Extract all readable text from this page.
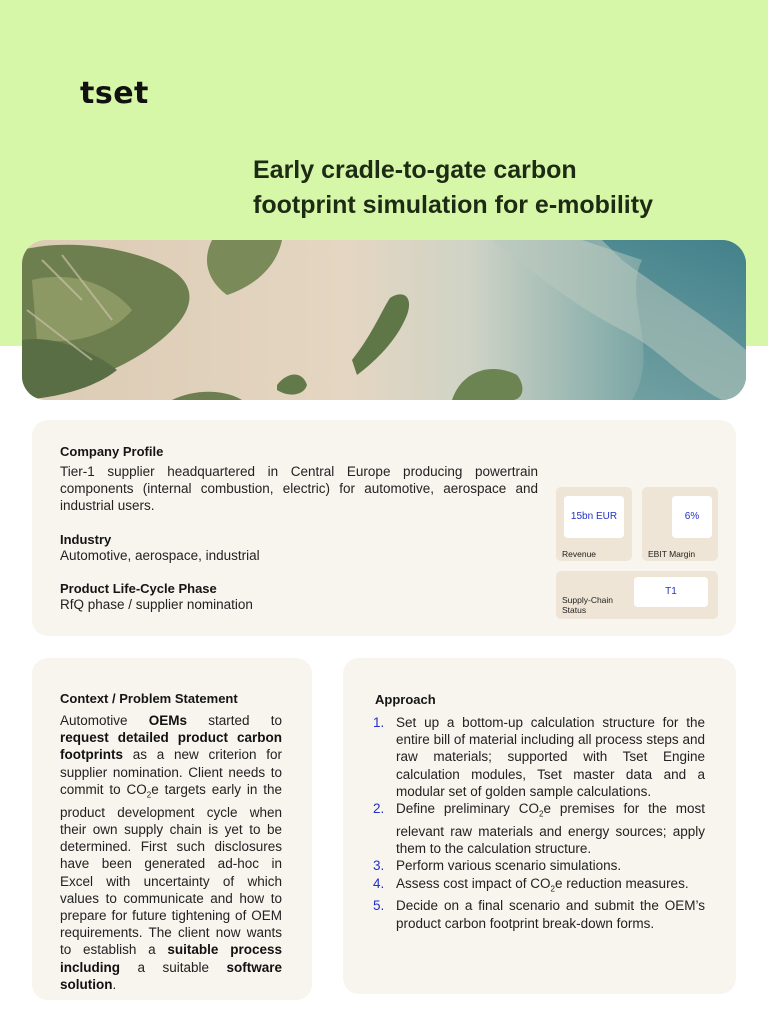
tset
Early cradle-to-gate carbon
footprint simulation for e-mobility

Company Profile

Tier-1 supplier headquartered in Central Europe producing powertrain components (internal combustion, electric) for automotive, aerospace and industrial users.

Industry

Automotive, aerospace, industrial

Product Life-Cycle Phase

RfQ phase / supplier nomination

15bn EUR
Revenue
6%
EBIT Margin
T1
Supply-Chain
Status

Context / Problem Statement

Automotive OEMs started to request detailed product carbon footprints as a new criterion for supplier nomination. Client needs to commit to $CO_2e$ targets early in the product development cycle when their own supply chain is yet to be determined. First such disclosures have been generated ad-hoc in Excel with uncertainty of which values to communicate and how to prepare for future tightening of OEM requirements. The client now wants to establish a suitable process including a suitable software solution.

Approach

1. Set up a bottom-up calculation structure for the entire bill of material including all process steps and raw materials; supported with Tset Engine calculation modules, Tset master data and a modular set of golden sample calculations.
2. Define preliminary $CO_2e$ premises for the most relevant raw materials and energy sources; apply them to the calculation structure.
3. Perform various scenario simulations.
4. Assess cost impact of $CO_2e$ reduction measures.
5. Decide on a final scenario and submit the OEM’s product carbon footprint break-down forms.
